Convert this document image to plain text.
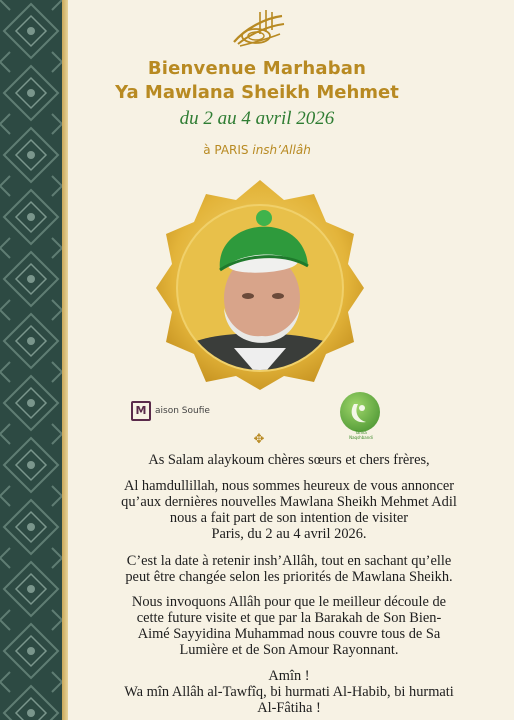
Bienvenue Marhaban
Ya Mawlana Sheikh Mehmet
du 2 au 4 avril 2026
à PARIS insh’Allâh
M aison Soufie
Tarika Naqshbandi
✥
As Salam alaykoum chères sœurs et chers frères,
Al hamdullillah, nous sommes heureux de vous annoncer
qu’aux dernières nouvelles Mawlana Sheikh Mehmet Adil
nous a fait part de son intention de visiter
Paris, du 2 au 4 avril 2026.
C’est la date à retenir insh’Allâh, tout en sachant qu’elle
peut être changée selon les priorités de Mawlana Sheikh.
Nous invoquons Allâh pour que le meilleur découle de
cette future visite et que par la Barakah de Son Bien-
Aimé Sayyidina Muhammad nous couvre tous de Sa
Lumière et de Son Amour Rayonnant.
Amîn !
Wa mîn Allâh al-Tawfîq, bi hurmati Al-Habib, bi hurmati
Al-Fâtiha !
